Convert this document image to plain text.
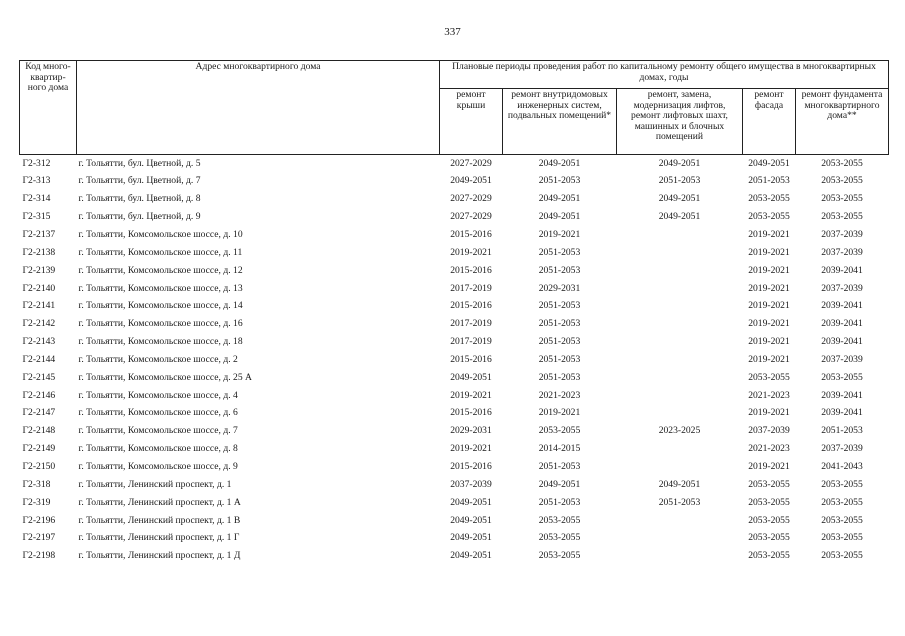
337
Код много-квартир-ного дома	Адрес многоквартирного дома	Плановые периоды проведения работ по капитальному ремонту общего имущества в многоквартирных домах, годы				
		ремонт крыши	ремонт внутридомовых инженерных систем, подвальных помещений*	ремонт, замена, модернизация лифтов, ремонт лифтовых шахт, машинных и блочных помещений	ремонт фасада	ремонт фундамента многоквартирного дома**
Г2-312	г. Тольятти, бул. Цветной, д. 5	2027-2029	2049-2051	2049-2051	2049-2051	2053-2055
Г2-313	г. Тольятти, бул. Цветной, д. 7	2049-2051	2051-2053	2051-2053	2051-2053	2053-2055
Г2-314	г. Тольятти, бул. Цветной, д. 8	2027-2029	2049-2051	2049-2051	2053-2055	2053-2055
Г2-315	г. Тольятти, бул. Цветной, д. 9	2027-2029	2049-2051	2049-2051	2053-2055	2053-2055
Г2-2137	г. Тольятти, Комсомольское шоссе, д. 10	2015-2016	2019-2021		2019-2021	2037-2039
Г2-2138	г. Тольятти, Комсомольское шоссе, д. 11	2019-2021	2051-2053		2019-2021	2037-2039
Г2-2139	г. Тольятти, Комсомольское шоссе, д. 12	2015-2016	2051-2053		2019-2021	2039-2041
Г2-2140	г. Тольятти, Комсомольское шоссе, д. 13	2017-2019	2029-2031		2019-2021	2037-2039
Г2-2141	г. Тольятти, Комсомольское шоссе, д. 14	2015-2016	2051-2053		2019-2021	2039-2041
Г2-2142	г. Тольятти, Комсомольское шоссе, д. 16	2017-2019	2051-2053		2019-2021	2039-2041
Г2-2143	г. Тольятти, Комсомольское шоссе, д. 18	2017-2019	2051-2053		2019-2021	2039-2041
Г2-2144	г. Тольятти, Комсомольское шоссе, д. 2	2015-2016	2051-2053		2019-2021	2037-2039
Г2-2145	г. Тольятти, Комсомольское шоссе, д. 25 А	2049-2051	2051-2053		2053-2055	2053-2055
Г2-2146	г. Тольятти, Комсомольское шоссе, д. 4	2019-2021	2021-2023		2021-2023	2039-2041
Г2-2147	г. Тольятти, Комсомольское шоссе, д. 6	2015-2016	2019-2021		2019-2021	2039-2041
Г2-2148	г. Тольятти, Комсомольское шоссе, д. 7	2029-2031	2053-2055	2023-2025	2037-2039	2051-2053
Г2-2149	г. Тольятти, Комсомольское шоссе, д. 8	2019-2021	2014-2015		2021-2023	2037-2039
Г2-2150	г. Тольятти, Комсомольское шоссе, д. 9	2015-2016	2051-2053		2019-2021	2041-2043
Г2-318	г. Тольятти, Ленинский проспект, д. 1	2037-2039	2049-2051	2049-2051	2053-2055	2053-2055
Г2-319	г. Тольятти, Ленинский проспект, д. 1 А	2049-2051	2051-2053	2051-2053	2053-2055	2053-2055
Г2-2196	г. Тольятти, Ленинский проспект, д. 1 В	2049-2051	2053-2055		2053-2055	2053-2055
Г2-2197	г. Тольятти, Ленинский проспект, д. 1 Г	2049-2051	2053-2055		2053-2055	2053-2055
Г2-2198	г. Тольятти, Ленинский проспект, д. 1 Д	2049-2051	2053-2055		2053-2055	2053-2055
